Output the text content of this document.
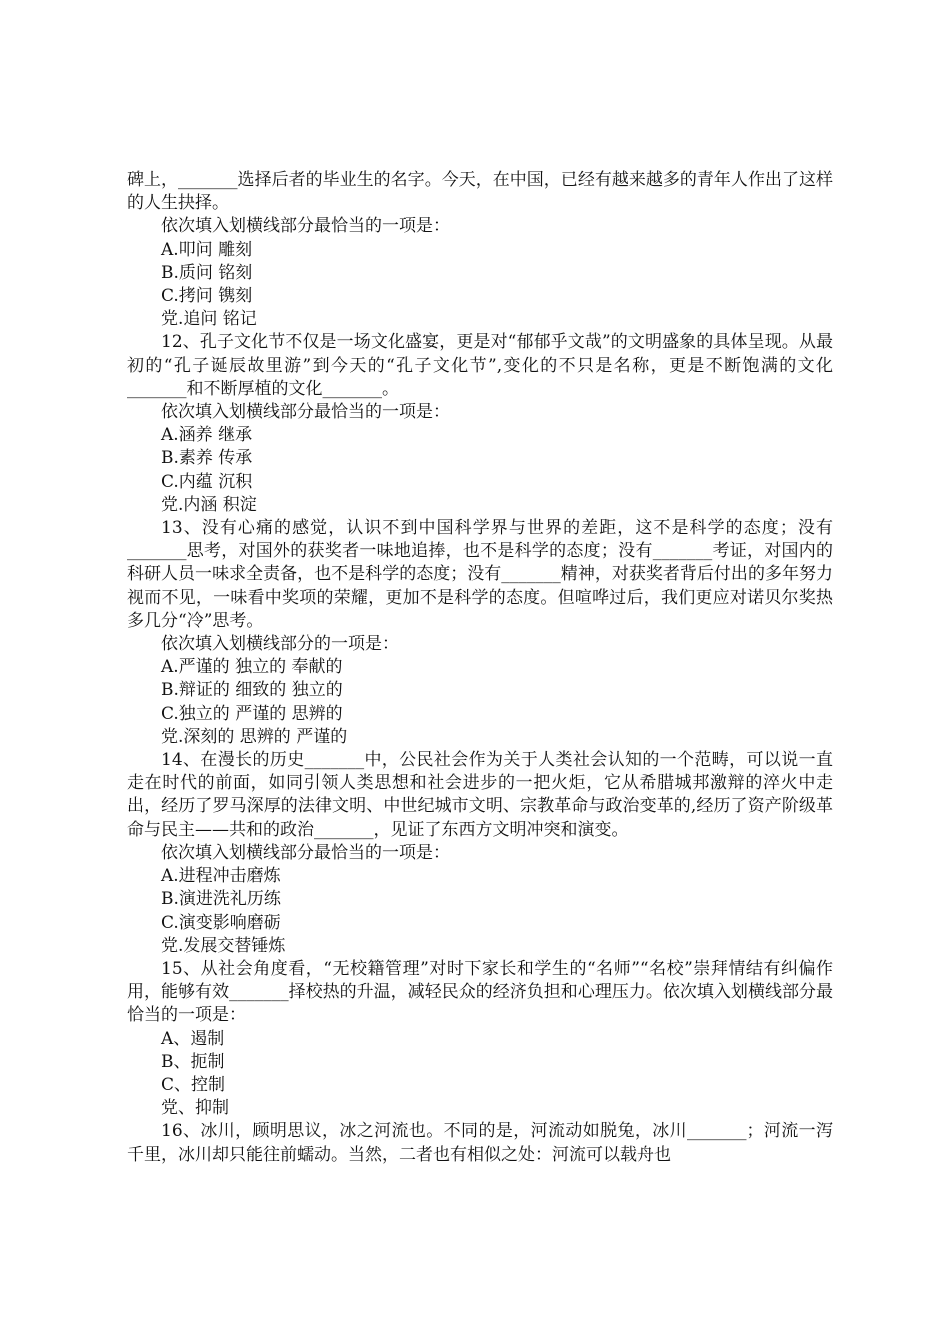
碑上，_______选择后者的毕业生的名字。今天，在中国，已经有越来越多的青年人作出了这样的人生抉择。

依次填入划横线部分最恰当的一项是：

A.叩问 雕刻

B.质问 铭刻

C.拷问 镌刻

党.追问 铭记

12、孔子文化节不仅是一场文化盛宴，更是对“郁郁乎文哉”的文明盛象的具体呈现。从最初的“孔子诞辰故里游”到今天的“孔子文化节”,变化的不只是名称，更是不断饱满的文化_______和不断厚植的文化_______。

依次填入划横线部分最恰当的一项是：

A.涵养 继承

B.素养 传承

C.内蕴 沉积

党.内涵 积淀

13、没有心痛的感觉，认识不到中国科学界与世界的差距，这不是科学的态度；没有_______思考，对国外的获奖者一味地追捧，也不是科学的态度；没有_______考证，对国内的科研人员一味求全责备，也不是科学的态度；没有_______精神，对获奖者背后付出的多年努力视而不见，一味看中奖项的荣耀，更加不是科学的态度。但喧哗过后，我们更应对诺贝尔奖热多几分“冷”思考。

依次填入划横线部分的一项是：

A.严谨的 独立的 奉献的

B.辩证的 细致的 独立的

C.独立的 严谨的 思辨的

党.深刻的 思辨的 严谨的

14、在漫长的历史_______中，公民社会作为关于人类社会认知的一个范畴，可以说一直走在时代的前面，如同引领人类思想和社会进步的一把火炬，它从希腊城邦激辩的淬火中走出，经历了罗马深厚的法律文明、中世纪城市文明、宗教革命与政治变革的,经历了资产阶级革命与民主——共和的政治_______，见证了东西方文明冲突和演变。

依次填入划横线部分最恰当的一项是：

A.进程冲击磨炼

B.演进洗礼历练

C.演变影响磨砺

党.发展交替锤炼

15、从社会角度看，“无校籍管理”对时下家长和学生的“名师”“名校”崇拜情结有纠偏作用，能够有效_______择校热的升温，减轻民众的经济负担和心理压力。依次填入划横线部分最恰当的一项是：

A、遏制

B、扼制

C、控制

党、抑制

16、冰川，顾明思议，冰之河流也。不同的是，河流动如脱兔，冰川_______；河流一泻千里，冰川却只能往前蠕动。当然，二者也有相似之处：河流可以载舟也
